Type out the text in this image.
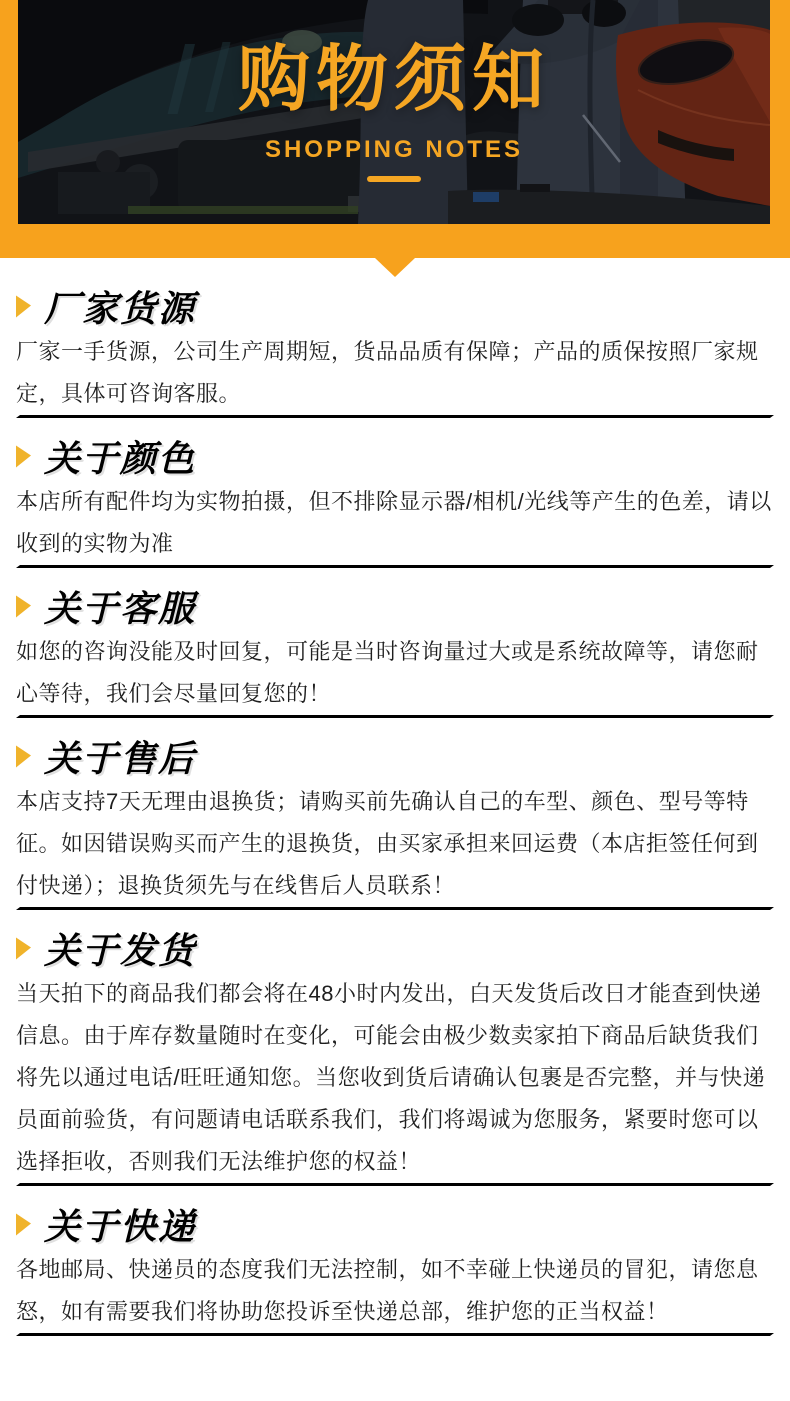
购物须知
SHOPPING NOTES
厂家货源

厂家一手货源，公司生产周期短，货品品质有保障；产品的质保按照厂家规定，具体可咨询客服。

关于颜色

本店所有配件均为实物拍摄，但不排除显示器/相机/光线等产生的色差，请以收到的实物为准

关于客服

如您的咨询没能及时回复，可能是当时咨询量过大或是系统故障等，请您耐心等待，我们会尽量回复您的！

关于售后

本店支持7天无理由退换货；请购买前先确认自己的车型、颜色、型号等特征。如因错误购买而产生的退换货，由买家承担来回运费（本店拒签任何到付快递）；退换货须先与在线售后人员联系！

关于发货

当天拍下的商品我们都会将在48小时内发出，白天发货后改日才能查到快递信息。由于库存数量随时在变化，可能会由极少数卖家拍下商品后缺货我们将先以通过电话/旺旺通知您。当您收到货后请确认包裹是否完整，并与快递员面前验货，有问题请电话联系我们，我们将竭诚为您服务，紧要时您可以选择拒收，否则我们无法维护您的权益！

关于快递

各地邮局、快递员的态度我们无法控制，如不幸碰上快递员的冒犯，请您息怒，如有需要我们将协助您投诉至快递总部，维护您的正当权益！
